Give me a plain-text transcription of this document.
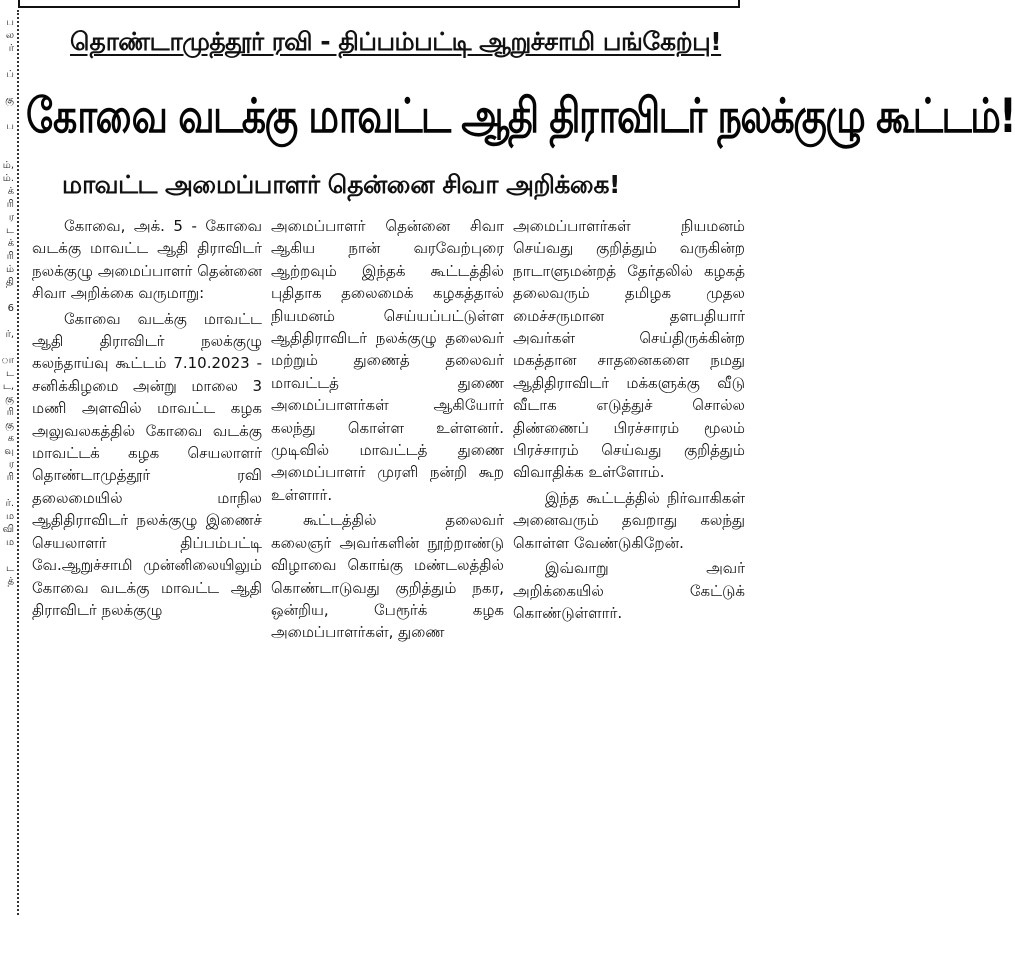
ப
ல
ர்

ப்

கு

ப

ம்,
ம்.
க்
ரி
ர
ட
க்
ரி
ம்
தி

6

ர்,

ா
ட
ட,
கு
ரி
கு
க
வு
ர
ரி

ர்.
ம
வி
ம

ட
த்
தொண்டாமுத்தூர் ரவி - திப்பம்பட்டி ஆறுச்சாமி பங்கேற்பு!
கோவை வடக்கு மாவட்ட ஆதி திராவிடர் நலக்குழு கூட்டம்!
மாவட்ட அமைப்பாளர் தென்னை சிவா அறிக்கை!

கோவை, அக். 5 - கோவை வடக்கு மாவட்ட ஆதி திராவிடர் நலக்குழு அமைப்பாளர் தென்னை சிவா அறிக்கை வருமாறு:

கோவை வடக்கு மாவட்ட ஆதி திராவிடர் நலக்குழு கலந்தாய்வு கூட்டம் 7.10.2023 - சனிக்கிழமை அன்று மாலை 3 மணி அளவில் மாவட்ட கழக அலுவலகத்தில் கோவை வடக்கு மாவட்டக் கழக செயலாளர் தொண்டாமுத்தூர் ரவி தலைமையில் மாநில ஆதிதிராவிடர் நலக்குழு இணைச் செயலாளர் திப்பம்பட்டி வே.ஆறுச்சாமி முன்னிலையிலும் கோவை வடக்கு மாவட்ட ஆதி திராவிடர் நலக்குழு

அமைப்பாளர் தென்னை சிவா ஆகிய நான் வரவேற்புரை ஆற்றவும் இந்தக் கூட்டத்தில் புதிதாக தலைமைக் கழகத்தால் நியமனம் செய்யப்பட்டுள்ள ஆதிதிராவிடர் நலக்குழு தலைவர் மற்றும் துணைத் தலைவர் மாவட்டத் துணை அமைப்பாளர்கள் ஆகியோர் கலந்து கொள்ள உள்ளனர். முடிவில் மாவட்டத் துணை அமைப்பாளர் முரளி நன்றி கூற உள்ளார்.

கூட்டத்தில் தலைவர் கலைஞர் அவர்களின் நூற்றாண்டு விழாவை கொங்கு மண்டலத்தில் கொண்டாடுவது குறித்தும் நகர, ஒன்றிய, பேரூர்க் கழக அமைப்பாளர்கள், துணை

அமைப்பாளர்கள் நியமனம் செய்வது குறித்தும் வருகின்ற நாடாளுமன்றத் தேர்தலில் கழகத் தலைவரும் தமிழக முதல மைச்சருமான தளபதியார் அவர்கள் செய்திருக்கின்ற மகத்தான சாதனைகளை நமது ஆதிதிராவிடர் மக்களுக்கு வீடு வீடாக எடுத்துச் சொல்ல திண்ணைப் பிரச்சாரம் மூலம் பிரச்சாரம் செய்வது குறித்தும் விவாதிக்க உள்ளோம்.

இந்த கூட்டத்தில் நிர்வாகிகள் அனைவரும் தவறாது கலந்து கொள்ள வேண்டுகிறேன்.

இவ்வாறு அவர் அறிக்கையில் கேட்டுக் கொண்டுள்ளார்.
